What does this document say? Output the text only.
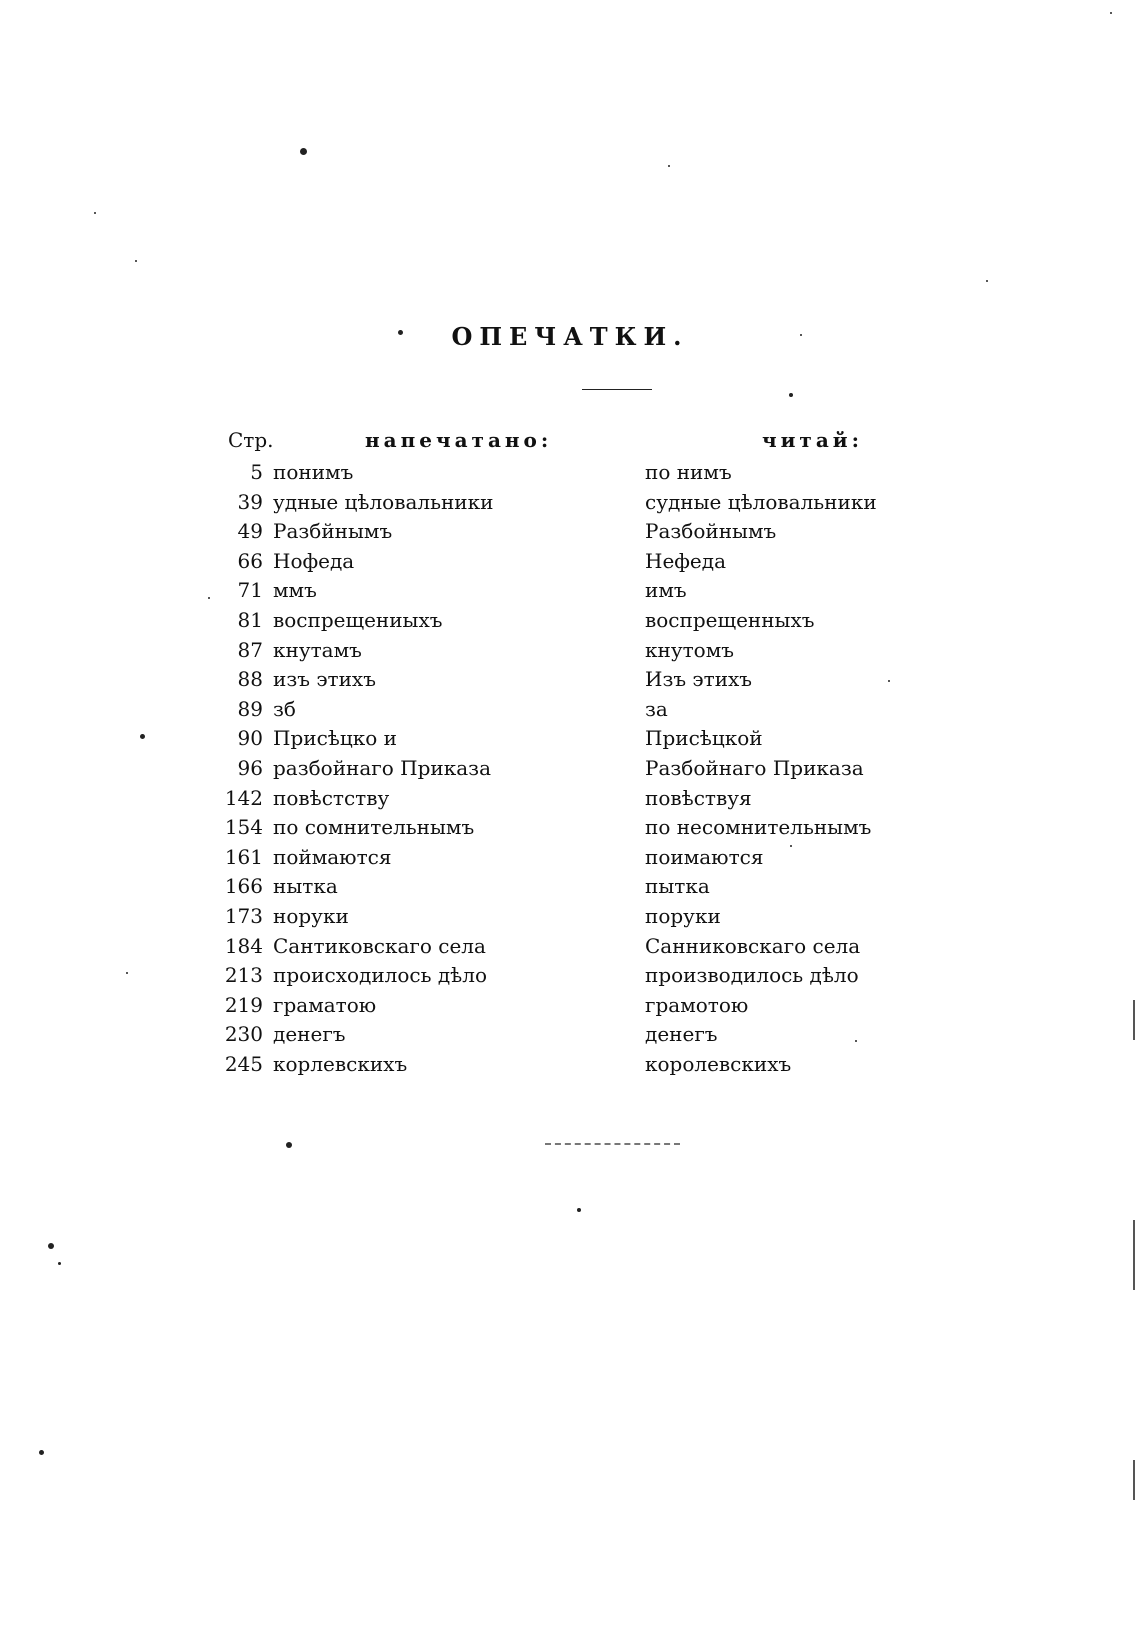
ОПЕЧАТКИ.
Стр.	напечатано:	читай:
5 понимъ	по нимъ
39 удные цѣловальники	судные цѣловальники
49 Разбйнымъ	Разбойнымъ
66 Нофеда	Нефеда
71 ммъ	имъ
81 воспрещениыхъ	воспрещенныхъ
87 кнутамъ	кнутомъ
88 изъ этихъ	Изъ этихъ
89 зб	за
90 Присѣцко и	Присѣцкой
96 разбойнаго Приказа	Разбойнаго Приказа
142 повѣстству	повѣствуя
154 по сомнительнымъ	по несомнительнымъ
161 поймаются	поимаются
166 нытка	пытка
173 норуки	поруки
184 Сантиковскаго села	Санниковскаго села
213 происходилось дѣло	производилось дѣло
219 граматою	грамотою
230 денегъ	денегъ
245 корлевскихъ	королевскихъ
